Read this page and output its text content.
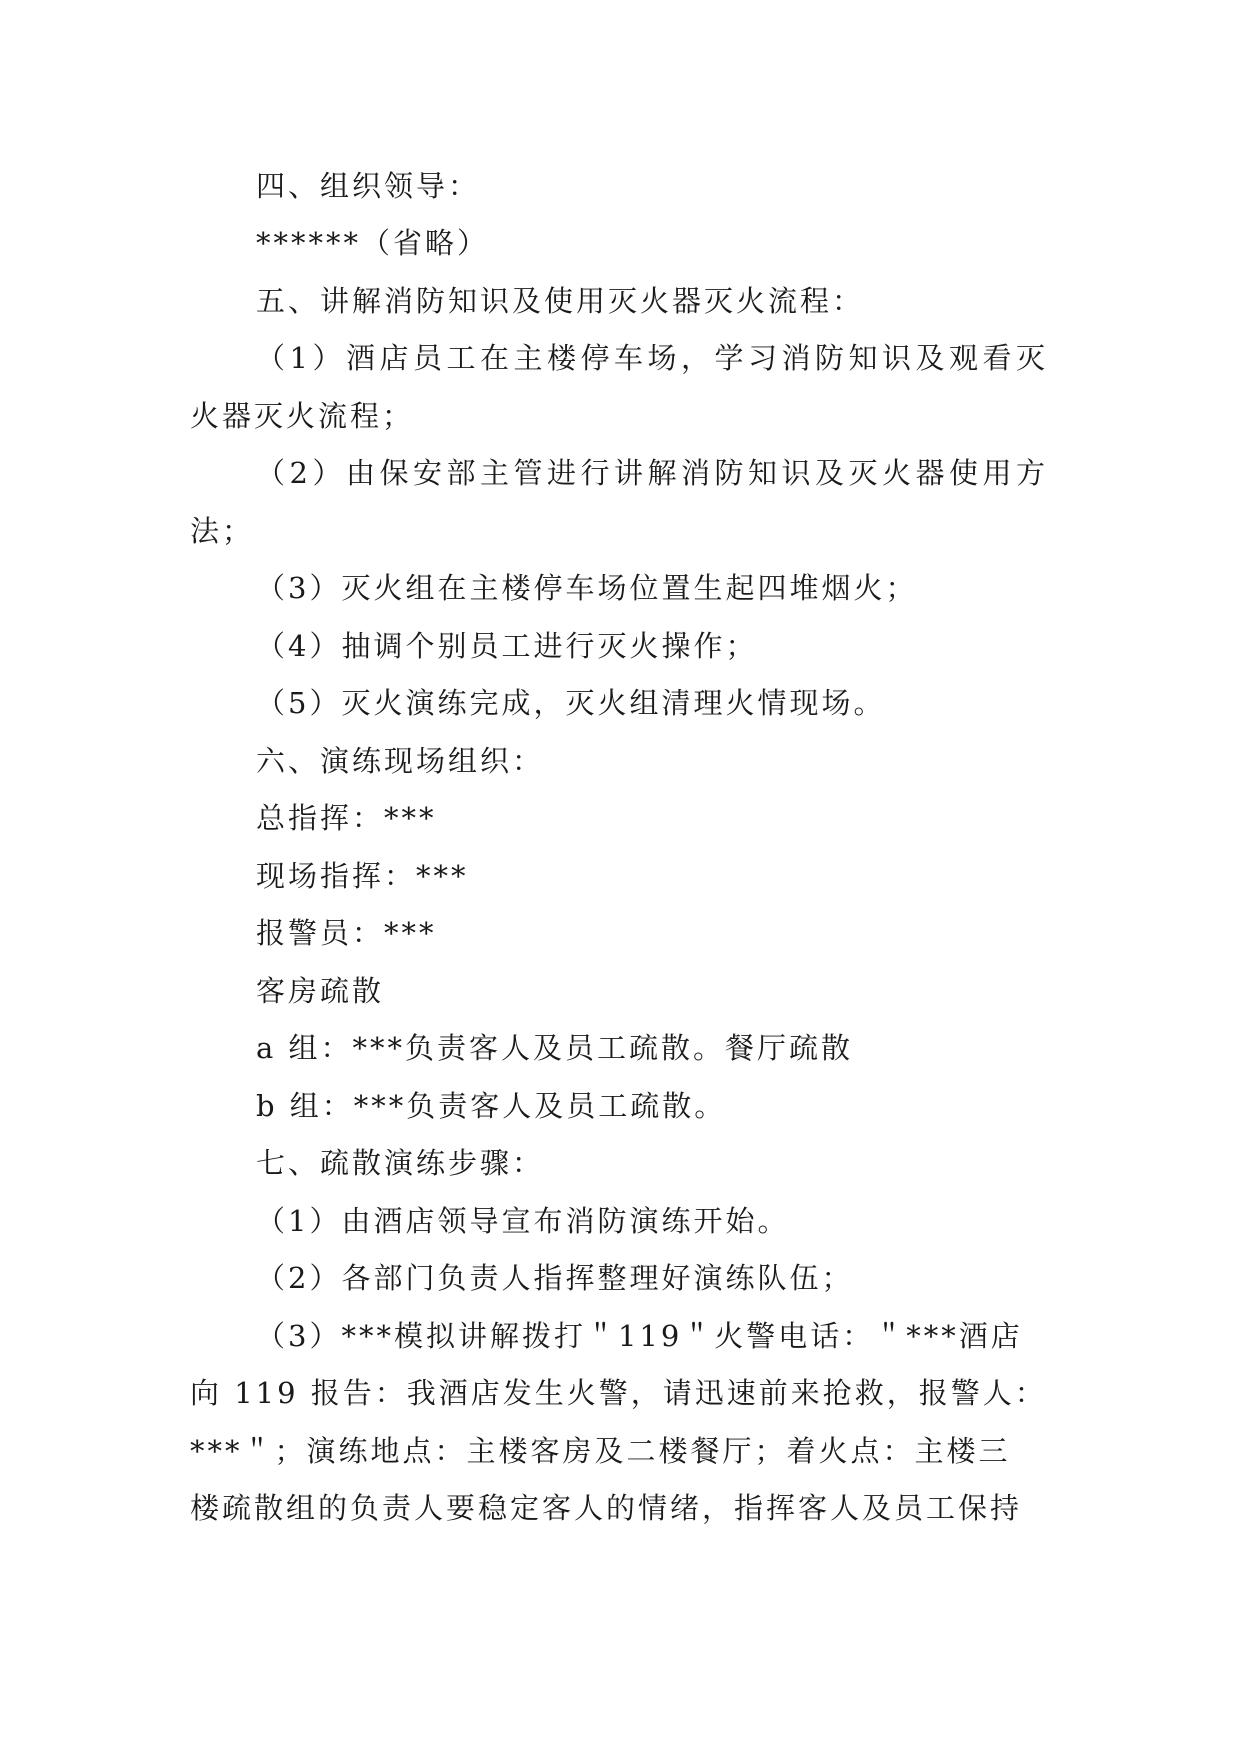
四、组织领导：
******（省略）
五、讲解消防知识及使用灭火器灭火流程：
（1）酒店员工在主楼停车场，学习消防知识及观看灭
火器灭火流程；
（2）由保安部主管进行讲解消防知识及灭火器使用方
法；
（3）灭火组在主楼停车场位置生起四堆烟火；
（4）抽调个别员工进行灭火操作；
（5）灭火演练完成，灭火组清理火情现场。
六、演练现场组织：
总指挥：***
现场指挥：***
报警员：***
客房疏散
a 组：***负责客人及员工疏散。餐厅疏散
b 组：***负责客人及员工疏散。
七、疏散演练步骤：
（1）由酒店领导宣布消防演练开始。
（2）各部门负责人指挥整理好演练队伍；
（3）***模拟讲解拨打＂119＂火警电话：＂***酒店
向 119 报告：我酒店发生火警，请迅速前来抢救，报警人：
***＂；演练地点：主楼客房及二楼餐厅；着火点：主楼三
楼疏散组的负责人要稳定客人的情绪，指挥客人及员工保持
